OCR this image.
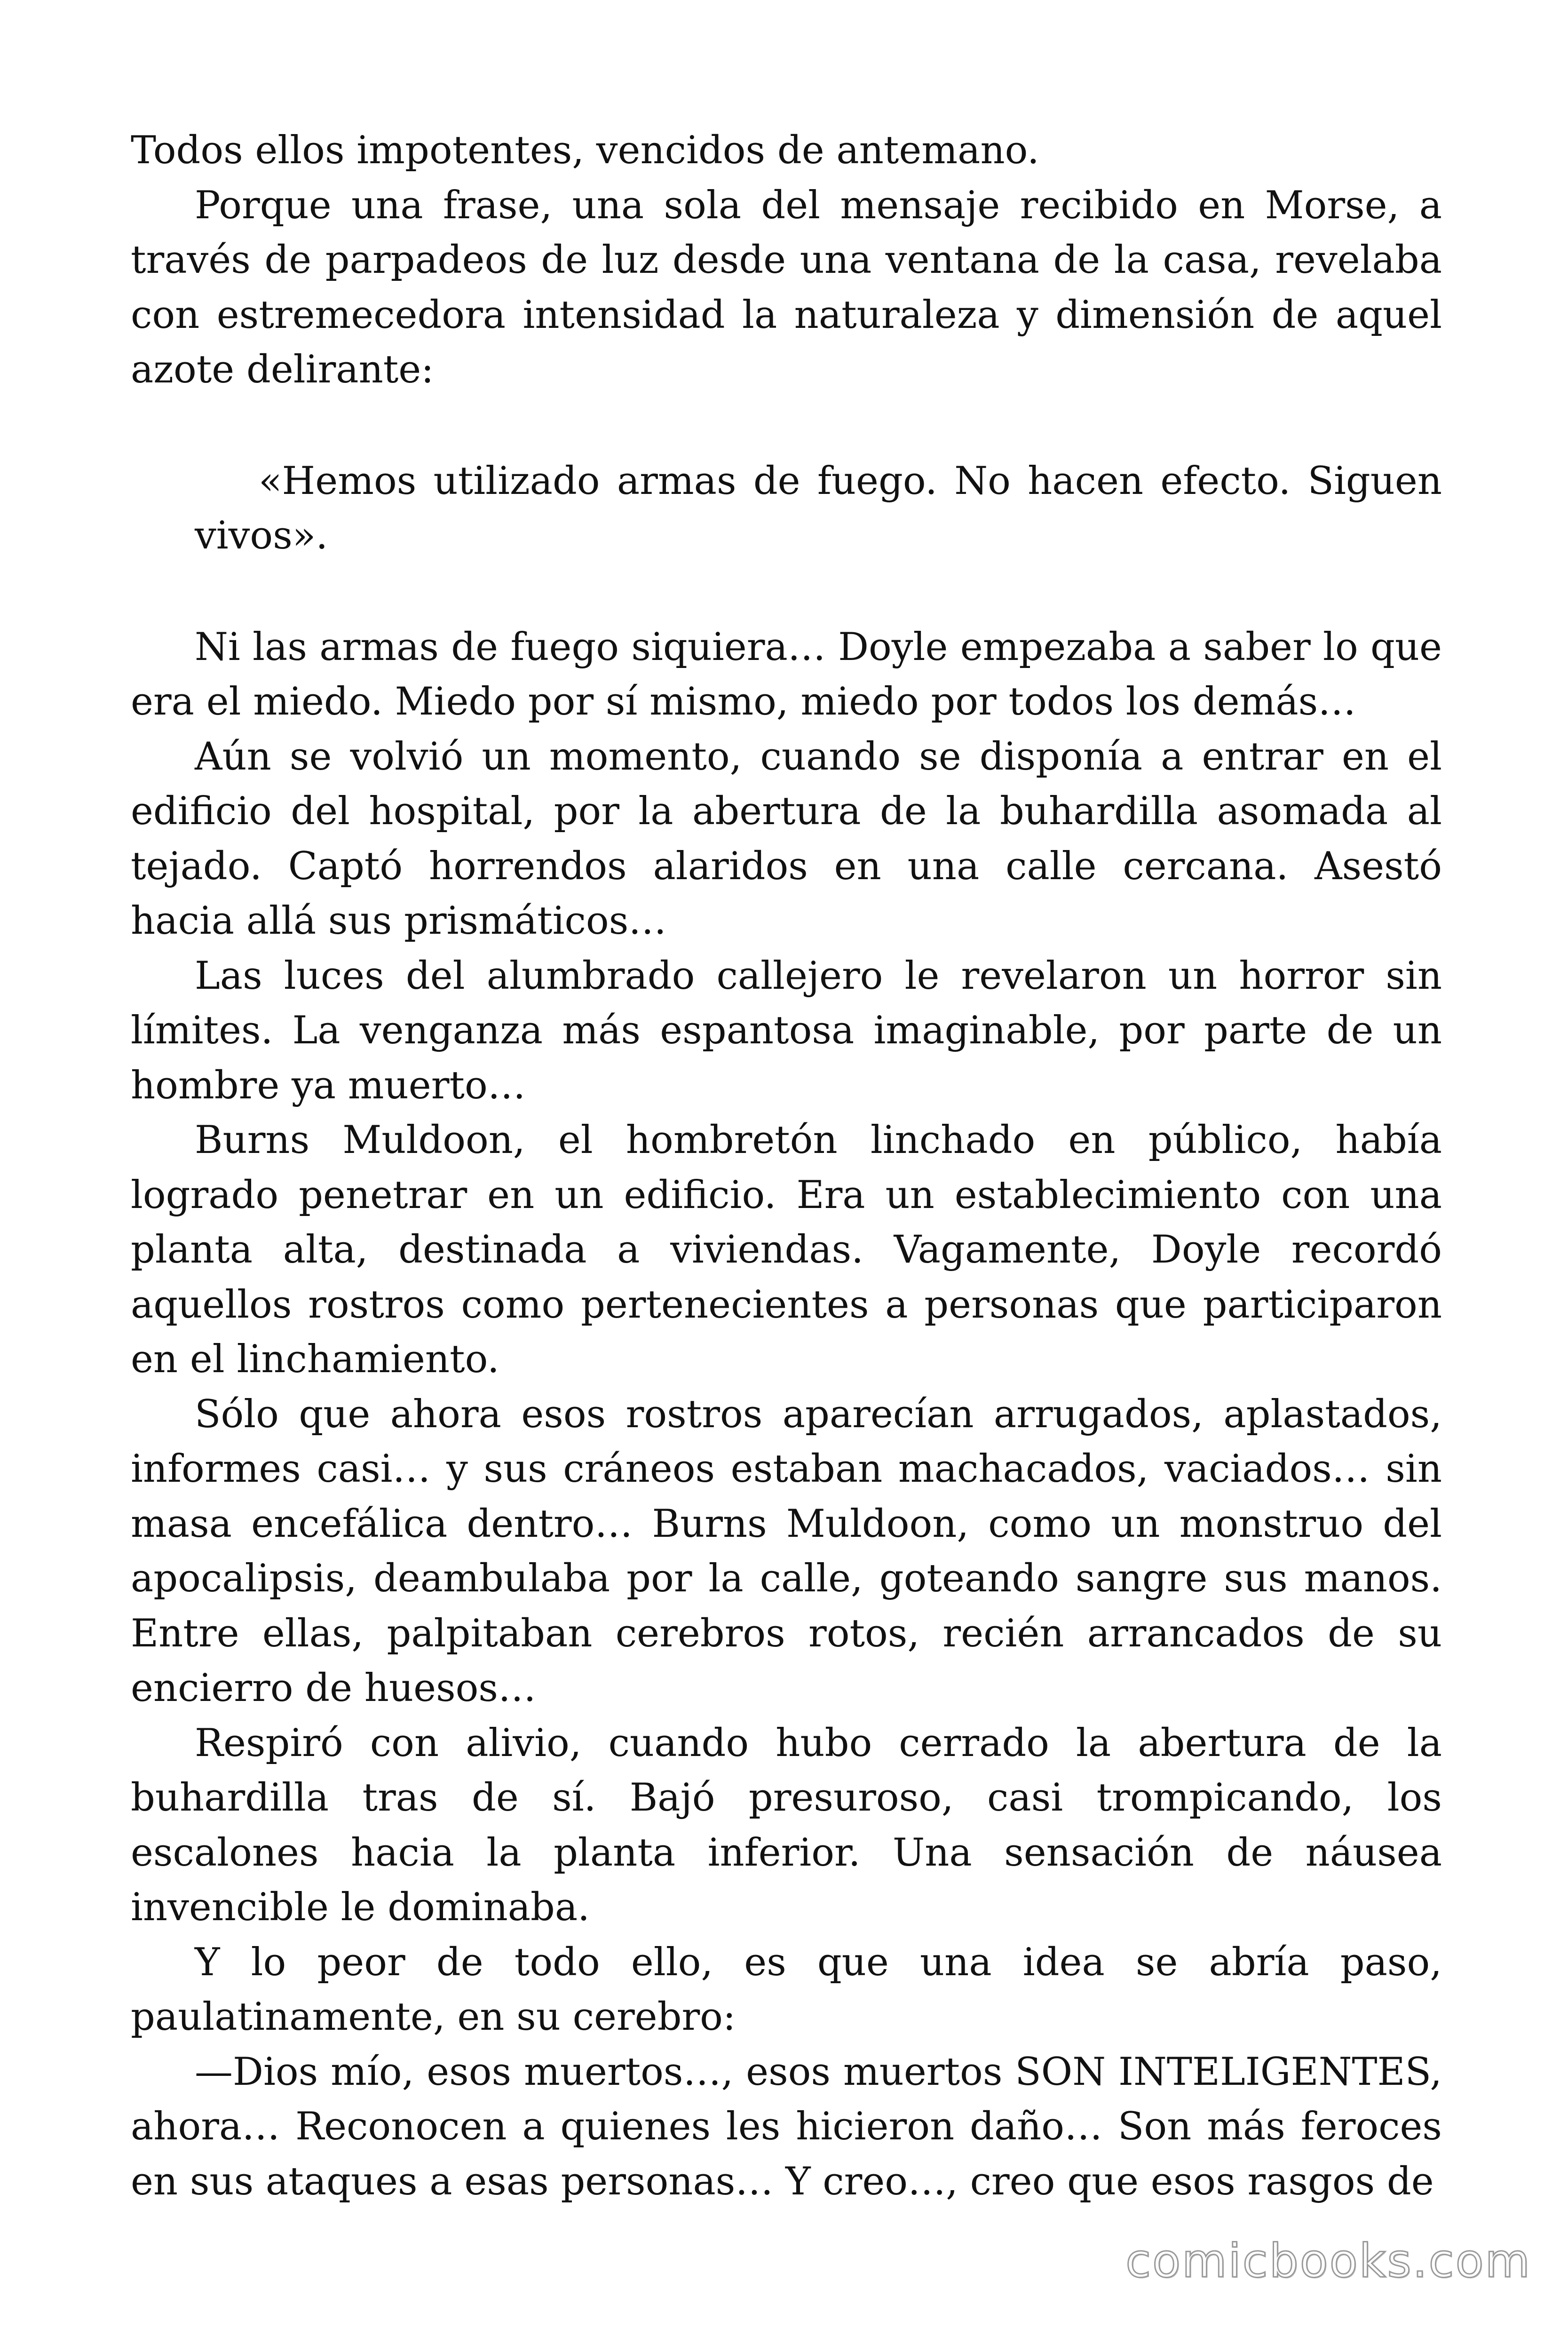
Todos ellos impotentes, vencidos de antemano.

Porque una frase, una sola del mensaje recibido en Morse, a través de parpadeos de luz desde una ventana de la casa, revelaba con estremecedora intensidad la naturaleza y dimensión de aquel azote delirante:

«Hemos utilizado armas de fuego. No hacen efecto. Siguen vivos».

Ni las armas de fuego siquiera… Doyle empezaba a saber lo que era el miedo. Miedo por sí mismo, miedo por todos los demás…

Aún se volvió un momento, cuando se disponía a entrar en el edificio del hospital, por la abertura de la buhardilla asomada al tejado. Captó horrendos alaridos en una calle cercana. Asestó hacia allá sus prismáticos…

Las luces del alumbrado callejero le revelaron un horror sin límites. La venganza más espantosa imaginable, por parte de un hombre ya muerto…

Burns Muldoon, el hombretón linchado en público, había logrado penetrar en un edificio. Era un establecimiento con una planta alta, destinada a viviendas. Vagamente, Doyle recordó aquellos rostros como pertenecientes a personas que participaron en el linchamiento.

Sólo que ahora esos rostros aparecían arrugados, aplastados, informes casi… y sus cráneos estaban machacados, vaciados… sin masa encefálica dentro… Burns Muldoon, como un monstruo del apocalipsis, deambulaba por la calle, goteando sangre sus manos. Entre ellas, palpitaban cerebros rotos, recién arrancados de su encierro de huesos…

Respiró con alivio, cuando hubo cerrado la abertura de la buhardilla tras de sí. Bajó presuroso, casi trompicando, los escalones hacia la planta inferior. Una sensación de náusea invencible le dominaba.

Y lo peor de todo ello, es que una idea se abría paso, paulatinamente, en su cerebro:

—Dios mío, esos muertos…, esos muertos SON INTELIGENTES, ahora… Reconocen a quienes les hicieron daño… Son más feroces en sus ataques a esas personas… Y creo…, creo que esos rasgos de

comicbooks.com
